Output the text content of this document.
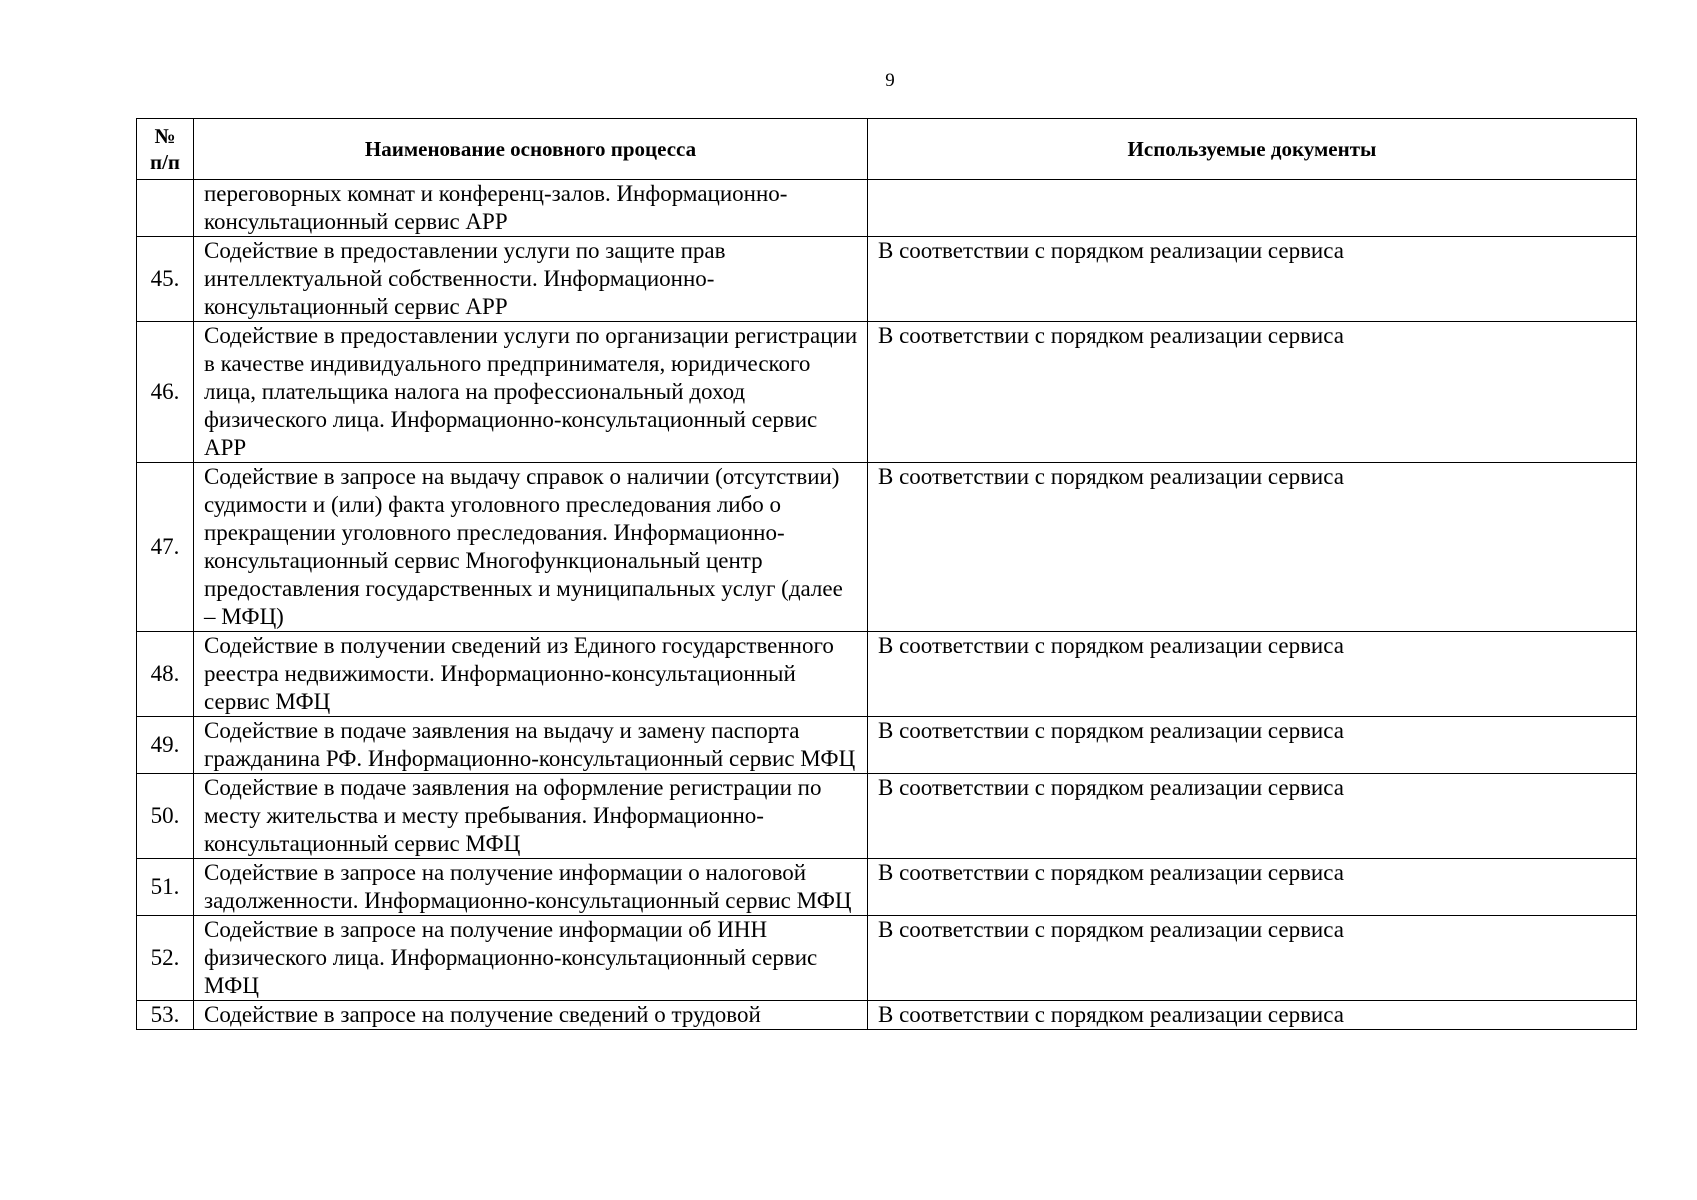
9
№ п/п	Наименование основного процесса	Используемые документы
	переговорных комнат и конференц-залов. Информационно-консультационный сервис АРР	
45.	Содействие в предоставлении услуги по защите прав интеллектуальной собственности. Информационно-консультационный сервис АРР	В соответствии с порядком реализации сервиса
46.	Содействие в предоставлении услуги по организации регистрации в качестве индивидуального предпринимателя, юридического лица, плательщика налога на профессиональный доход физического лица. Информационно-консультационный сервис АРР	В соответствии с порядком реализации сервиса
47.	Содействие в запросе на выдачу справок о наличии (отсутствии) судимости и (или) факта уголовного преследования либо о прекращении уголовного преследования. Информационно-консультационный сервис Многофункциональный центр предоставления государственных и муниципальных услуг (далее – МФЦ)	В соответствии с порядком реализации сервиса
48.	Содействие в получении сведений из Единого государственного реестра недвижимости. Информационно-консультационный сервис МФЦ	В соответствии с порядком реализации сервиса
49.	Содействие в подаче заявления на выдачу и замену паспорта гражданина РФ. Информационно-консультационный сервис МФЦ	В соответствии с порядком реализации сервиса
50.	Содействие в подаче заявления на оформление регистрации по месту жительства и месту пребывания. Информационно-консультационный сервис МФЦ	В соответствии с порядком реализации сервиса
51.	Содействие в запросе на получение информации о налоговой задолженности. Информационно-консультационный сервис МФЦ	В соответствии с порядком реализации сервиса
52.	Содействие в запросе на получение информации об ИНН физического лица. Информационно-консультационный сервис МФЦ	В соответствии с порядком реализации сервиса
53.	Содействие в запросе на получение сведений о трудовой	В соответствии с порядком реализации сервиса
